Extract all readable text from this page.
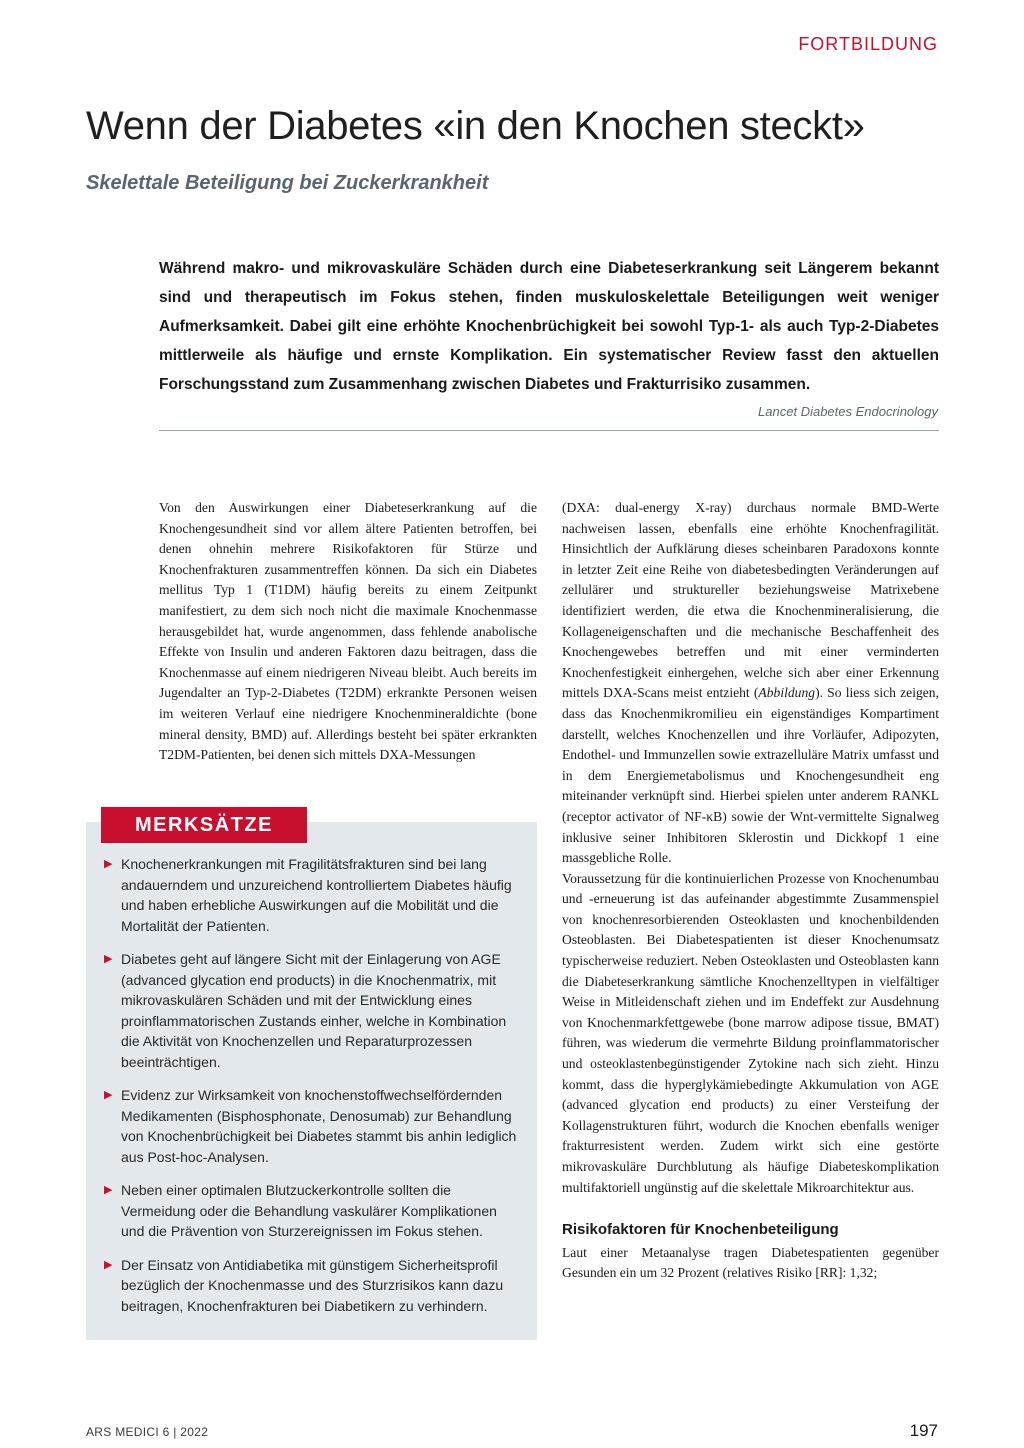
FORTBILDUNG
Wenn der Diabetes «in den Knochen steckt»
Skelettale Beteiligung bei Zuckerkrankheit

Während makro- und mikrovaskuläre Schäden durch eine Diabeteserkrankung seit Längerem bekannt sind und therapeutisch im Fokus stehen, finden muskuloskelettale Beteiligungen weit weniger Aufmerksamkeit. Dabei gilt eine erhöhte Knochenbrüchigkeit bei sowohl Typ-1- als auch Typ-2-Diabetes mittlerweile als häufige und ernste Komplikation. Ein systematischer Review fasst den aktuellen Forschungsstand zum Zusammenhang zwischen Diabetes und Frakturrisiko zusammen.

Lancet Diabetes Endocrinology

Von den Auswirkungen einer Diabeteserkrankung auf die Knochengesundheit sind vor allem ältere Patienten betroffen, bei denen ohnehin mehrere Risikofaktoren für Stürze und Knochenfrakturen zusammentreffen können. Da sich ein Diabetes mellitus Typ 1 (T1DM) häufig bereits zu einem Zeitpunkt manifestiert, zu dem sich noch nicht die maximale Knochenmasse herausgebildet hat, wurde angenommen, dass fehlende anabolische Effekte von Insulin und anderen Faktoren dazu beitragen, dass die Knochenmasse auf einem niedrigeren Niveau bleibt. Auch bereits im Jugendalter an Typ-2-Diabetes (T2DM) erkrankte Personen weisen im weiteren Verlauf eine niedrigere Knochenmineraldichte (bone mineral density, BMD) auf. Allerdings besteht bei später erkrankten T2DM-Patienten, bei denen sich mittels DXA-Messungen

(DXA: dual-energy X-ray) durchaus normale BMD-Werte nachweisen lassen, ebenfalls eine erhöhte Knochenfragilität. Hinsichtlich der Aufklärung dieses scheinbaren Paradoxons konnte in letzter Zeit eine Reihe von diabetesbedingten Veränderungen auf zellulärer und struktureller beziehungsweise Matrixebene identifiziert werden, die etwa die Knochenmineralisierung, die Kollageneigenschaften und die mechanische Beschaffenheit des Knochengewebes betreffen und mit einer verminderten Knochenfestigkeit einhergehen, welche sich aber einer Erkennung mittels DXA-Scans meist entzieht (Abbildung). So liess sich zeigen, dass das Knochenmikromilieu ein eigenständiges Kompartiment darstellt, welches Knochenzellen und ihre Vorläufer, Adipozyten, Endothel- und Immunzellen sowie extrazelluläre Matrix umfasst und in dem Energiemetabolismus und Knochengesundheit eng miteinander verknüpft sind. Hierbei spielen unter anderem RANKL (receptor activator of NF-κB) sowie der Wnt-vermittelte Signalweg inklusive seiner Inhibitoren Sklerostin und Dickkopf 1 eine massgebliche Rolle.

Voraussetzung für die kontinuierlichen Prozesse von Knochenumbau und -erneuerung ist das aufeinander abgestimmte Zusammenspiel von knochenresorbierenden Osteoklasten und knochenbildenden Osteoblasten. Bei Diabetespatienten ist dieser Knochenumsatz typischerweise reduziert. Neben Osteoklasten und Osteoblasten kann die Diabeteserkrankung sämtliche Knochenzelltypen in vielfältiger Weise in Mitleidenschaft ziehen und im Endeffekt zur Ausdehnung von Knochenmarkfettgewebe (bone marrow adipose tissue, BMAT) führen, was wiederum die vermehrte Bildung proinflammatorischer und osteoklastenbegünstigender Zytokine nach sich zieht. Hinzu kommt, dass die hyperglykämiebedingte Akkumulation von AGE (advanced glycation end products) zu einer Versteifung der Kollagenstrukturen führt, wodurch die Knochen ebenfalls weniger frakturresistent werden. Zudem wirkt sich eine gestörte mikrovaskuläre Durchblutung als häufige Diabeteskomplikation multifaktoriell ungünstig auf die skelettale Mikroarchitektur aus.

Risikofaktoren für Knochenbeteiligung

Laut einer Metaanalyse tragen Diabetespatienten gegenüber Gesunden ein um 32 Prozent (relatives Risiko [RR]: 1,32;

▶ Knochenerkrankungen mit Fragilitätsfrakturen sind bei lang andauerndem und unzureichend kontrolliertem Diabetes häufig und haben erhebliche Auswirkungen auf die Mobilität und die Mortalität der Patienten.
▶ Diabetes geht auf längere Sicht mit der Einlagerung von AGE (advanced glycation end products) in die Knochenmatrix, mit mikrovaskulären Schäden und mit der Entwicklung eines proinflammatorischen Zustands einher, welche in Kombination die Aktivität von Knochenzellen und Reparaturprozessen beeinträchtigen.
▶ Evidenz zur Wirksamkeit von knochenstoffwechselfördernden Medikamenten (Bisphosphonate, Denosumab) zur Behandlung von Knochenbrüchigkeit bei Diabetes stammt bis anhin lediglich aus Post-hoc-Analysen.
▶ Neben einer optimalen Blutzuckerkontrolle sollten die Vermeidung oder die Behandlung vaskulärer Komplikationen und die Prävention von Sturzereignissen im Fokus stehen.
▶ Der Einsatz von Antidiabetika mit günstigem Sicherheitsprofil bezüglich der Knochenmasse und des Sturzrisikos kann dazu beitragen, Knochenfrakturen bei Diabetikern zu verhindern.
MERKSÄTZE
ARS MEDICI 6 | 2022	197
